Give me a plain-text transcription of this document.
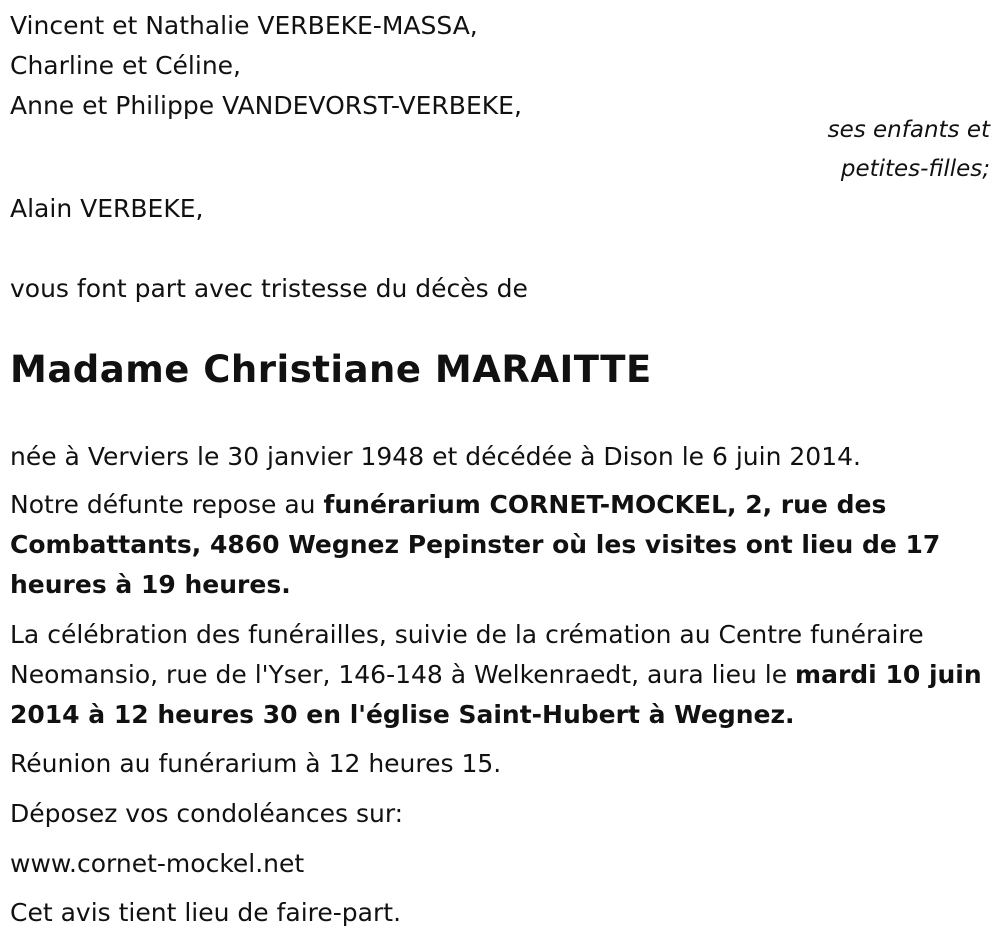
Vincent et Nathalie VERBEKE-MASSA,

Charline et Céline,

Anne et Philippe VANDEVORST-VERBEKE,

ses enfants et

petites-filles;

Alain VERBEKE,

vous font part avec tristesse du décès de

Madame Christiane MARAITTE

née à Verviers le 30 janvier 1948 et décédée à Dison le 6 juin 2014.

Notre défunte repose au funérarium CORNET-MOCKEL, 2, rue des Combattants, 4860 Wegnez Pepinster où les visites ont lieu de 17 heures à 19 heures.

La célébration des funérailles, suivie de la crémation au Centre funéraire Neomansio, rue de l'Yser, 146-148 à Welkenraedt, aura lieu le mardi 10 juin 2014 à 12 heures 30 en l'église Saint-Hubert à Wegnez.

Réunion au funérarium à 12 heures 15.

Déposez vos condoléances sur:

www.cornet-mockel.net

Cet avis tient lieu de faire-part.
